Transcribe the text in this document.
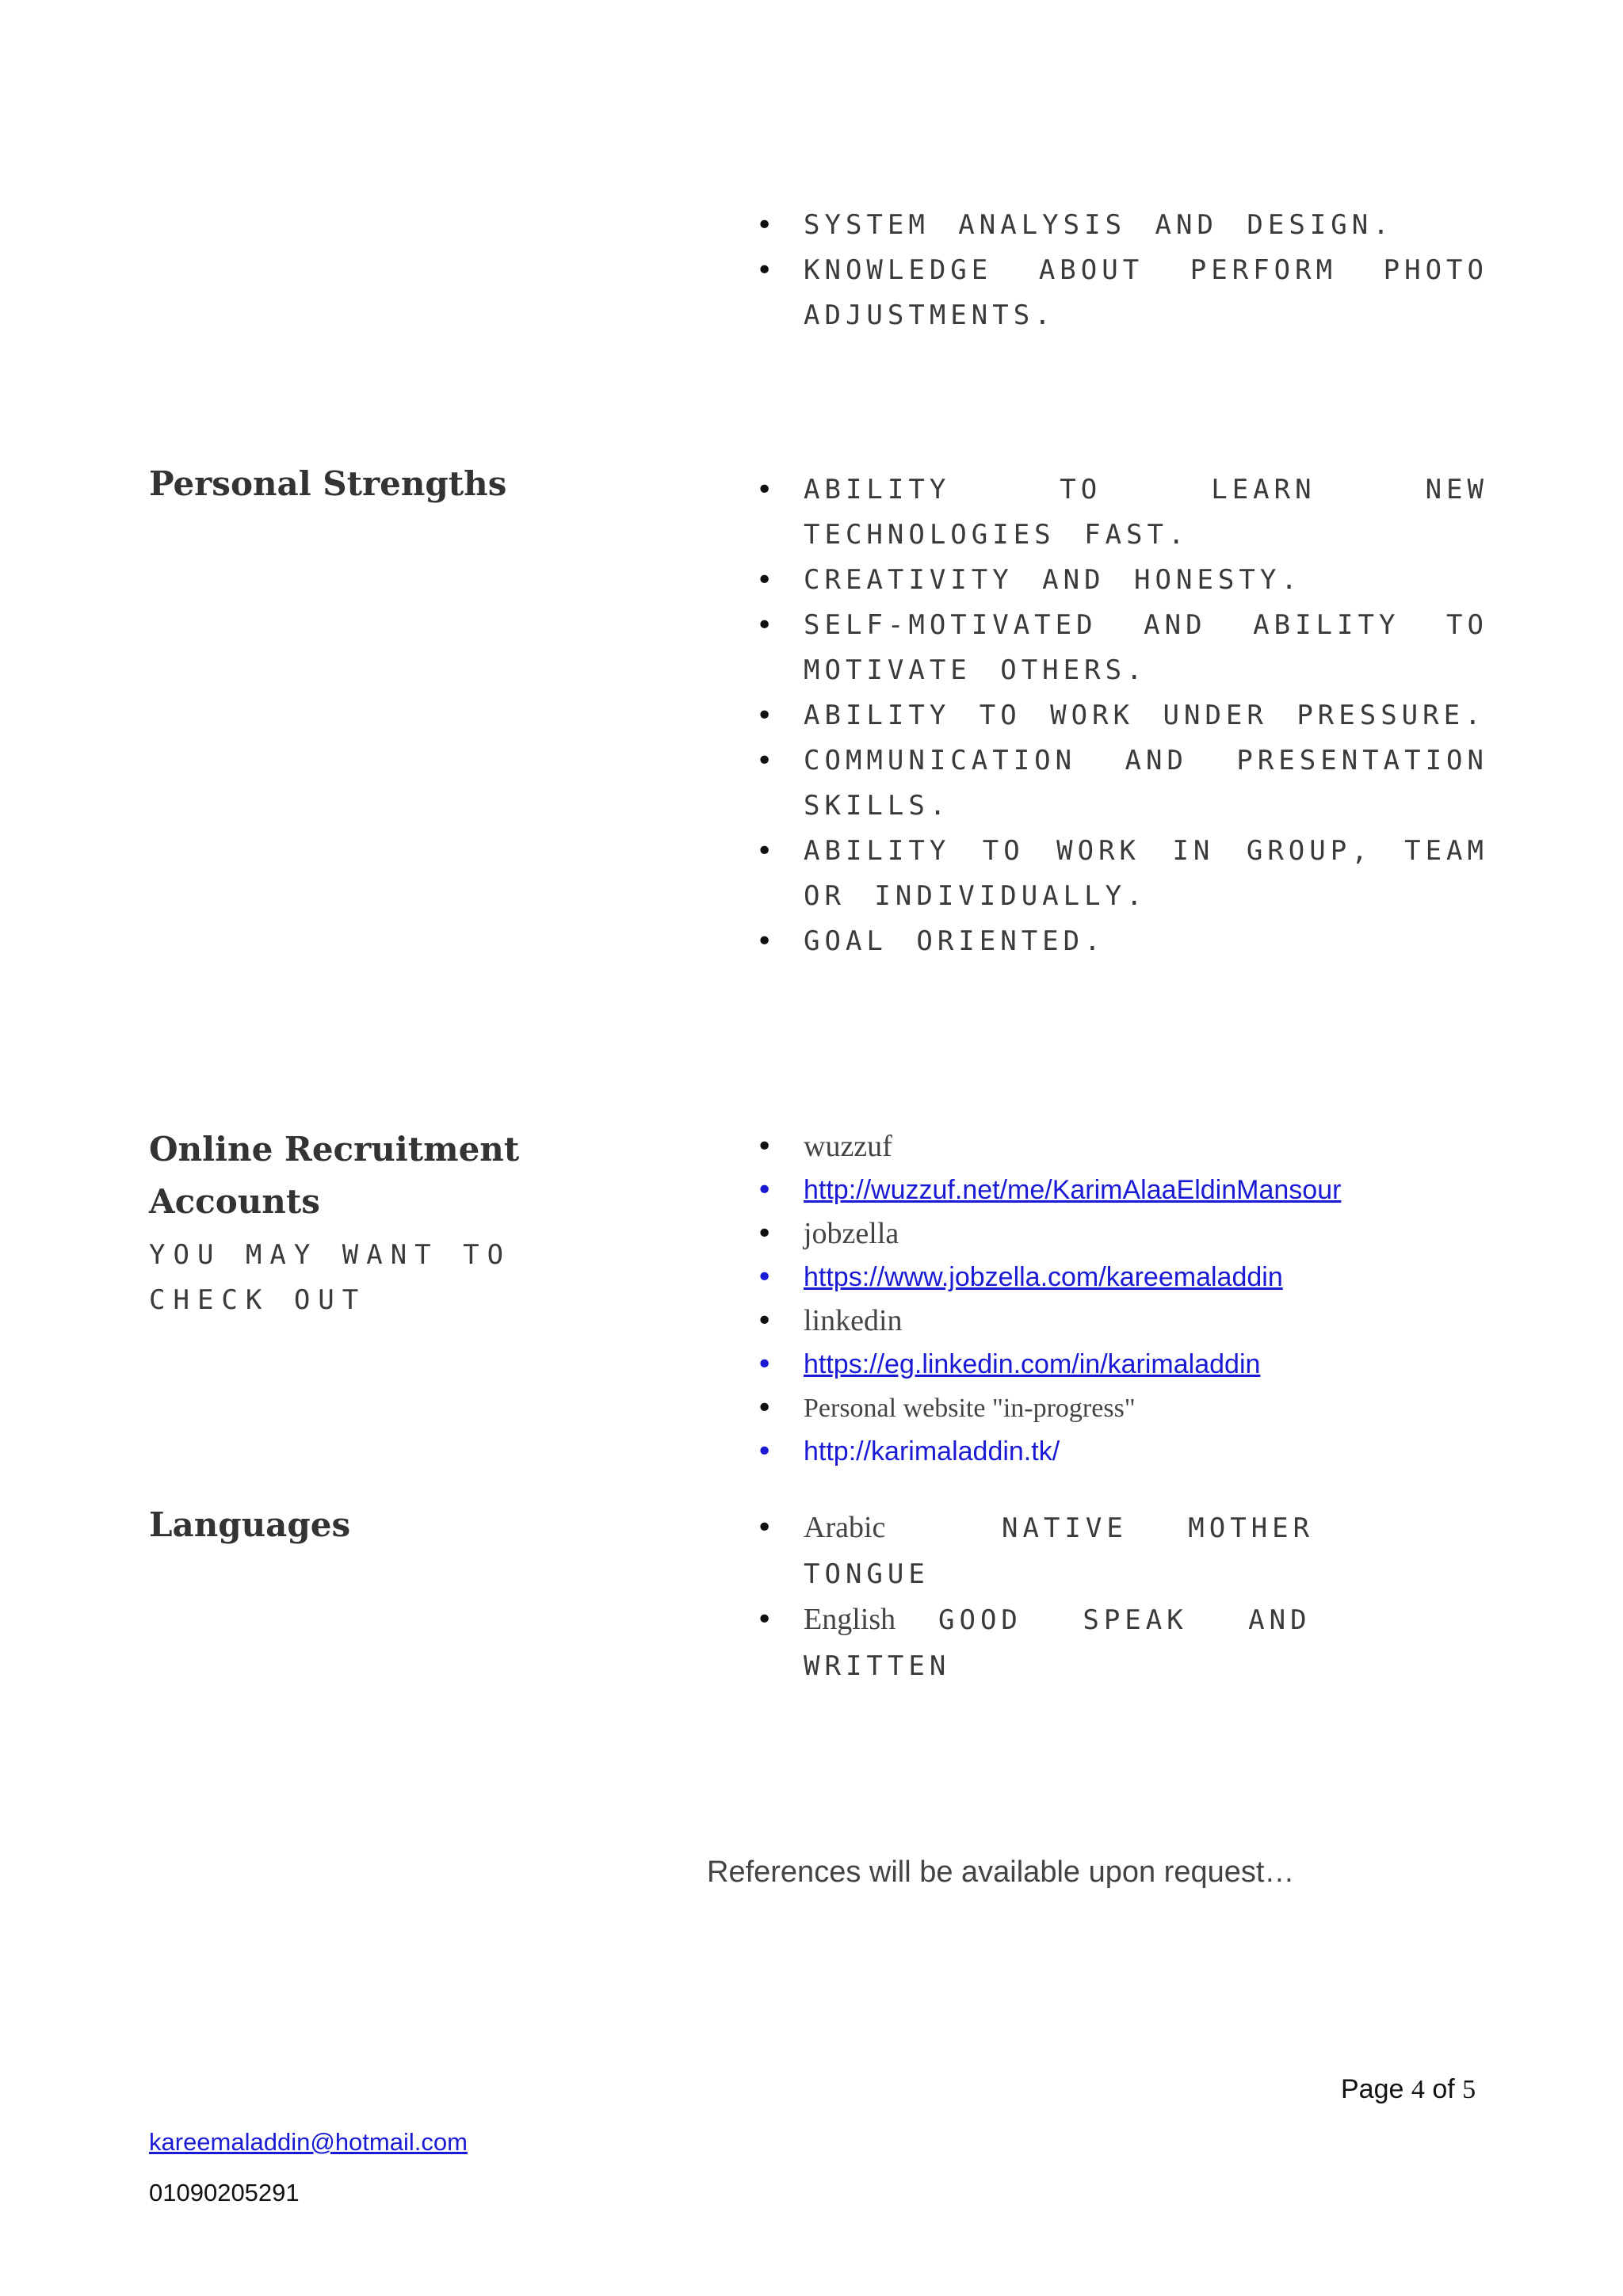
• SYSTEM ANALYSIS AND DESIGN.
• KNOWLEDGE ABOUT PERFORM PHOTO ADJUSTMENTS.
Personal Strengths	• ABILITY TO LEARN NEW TECHNOLOGIES FAST.
• CREATIVITY AND HONESTY.
• SELF-MOTIVATED AND ABILITY TO MOTIVATE OTHERS.
• ABILITY TO WORK UNDER PRESSURE.
• COMMUNICATION AND PRESENTATION SKILLS.
• ABILITY TO WORK IN GROUP, TEAM OR INDIVIDUALLY.
• GOAL ORIENTED.
Online Recruitment
Accounts
YOU MAY WANT TO CHECK OUT
• wuzzuf
• http://wuzzuf.net/me/KarimAlaaEldinMansour
• jobzella
• https://www.jobzella.com/kareemaladdin
• linkedin
• https://eg.linkedin.com/in/karimaladdin
• Personal website "in-progress"
• http://karimaladdin.tk/
Languages	• Arabic	NATIVE MOTHER TONGUE
• English GOOD SPEAK AND WRITTEN
References will be available upon request…
Page 4 of 5
kareemaladdin@hotmail.com
01090205291
